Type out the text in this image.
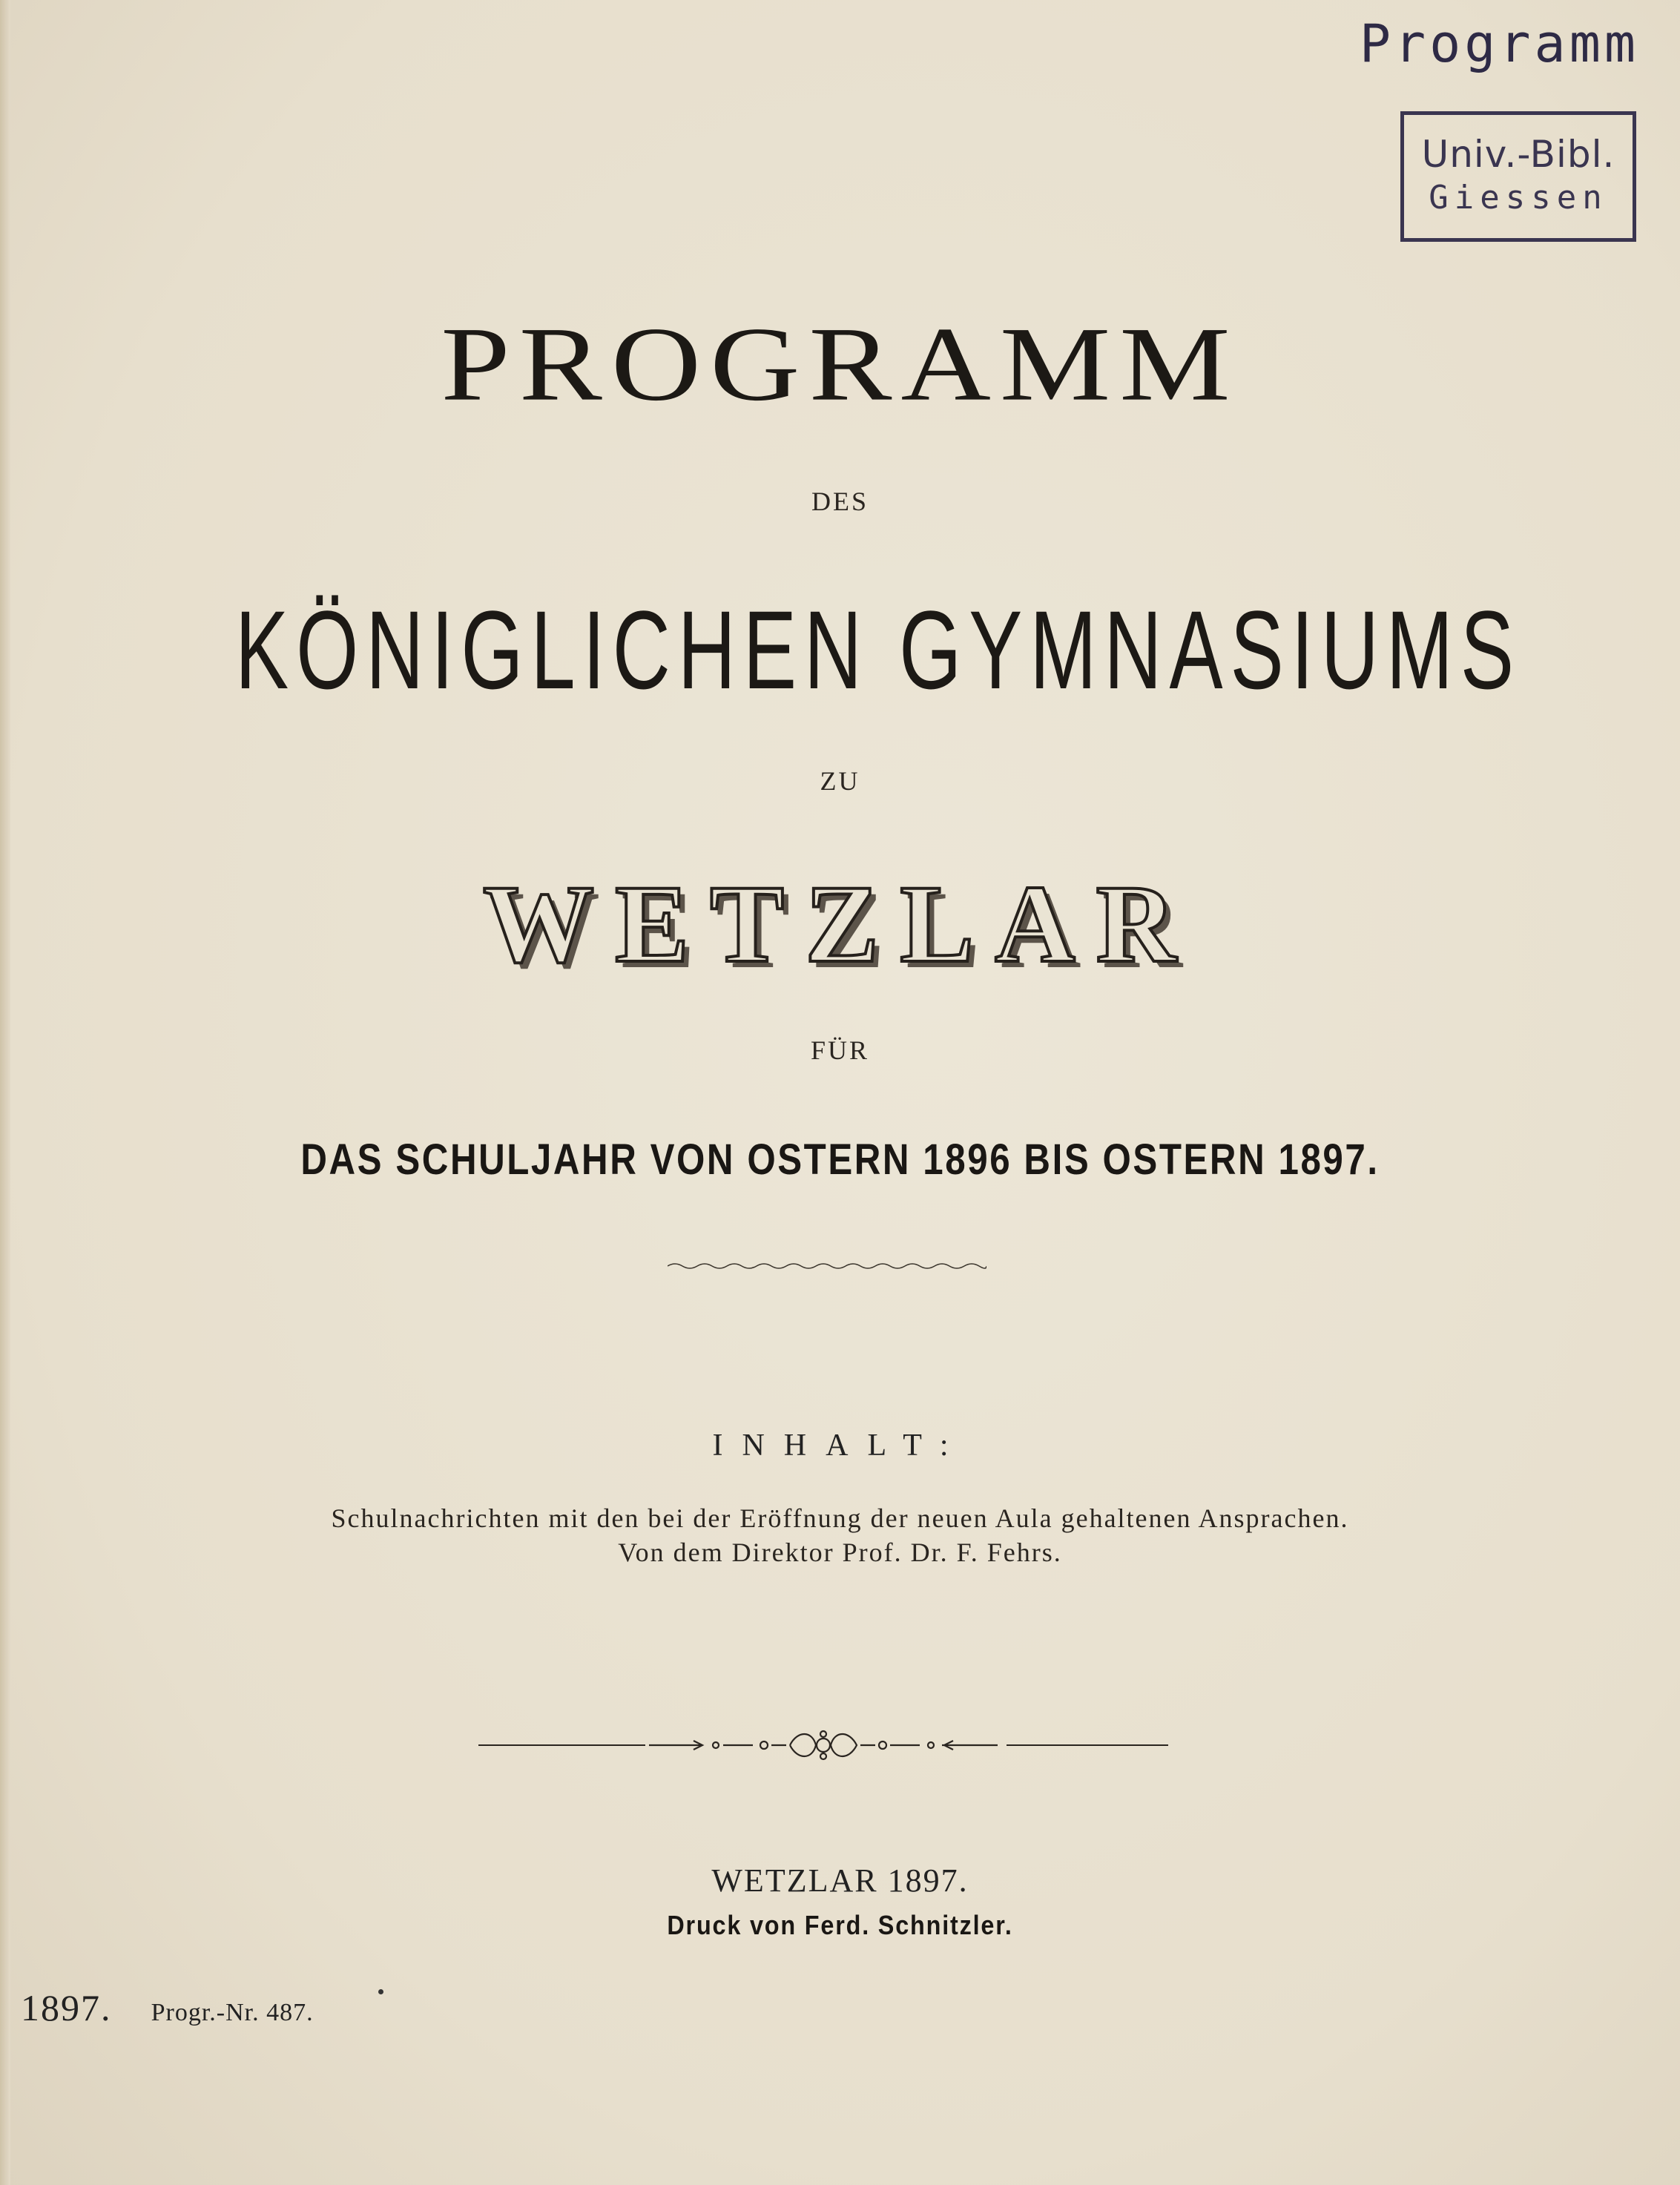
Programm
Univ.-Bibl.
Giessen
PROGRAMM
DES
KÖNIGLICHEN GYMNASIUMS
ZU
WETZLAR
FÜR
DAS SCHULJAHR VON OSTERN 1896 BIS OSTERN 1897.
INHALT:
Schulnachrichten mit den bei der Eröffnung der neuen Aula gehaltenen Ansprachen.
Von dem Direktor Prof. Dr. F. Fehrs.
WETZLAR 1897.
Druck von Ferd. Schnitzler.
1897. Progr.-Nr. 487.
